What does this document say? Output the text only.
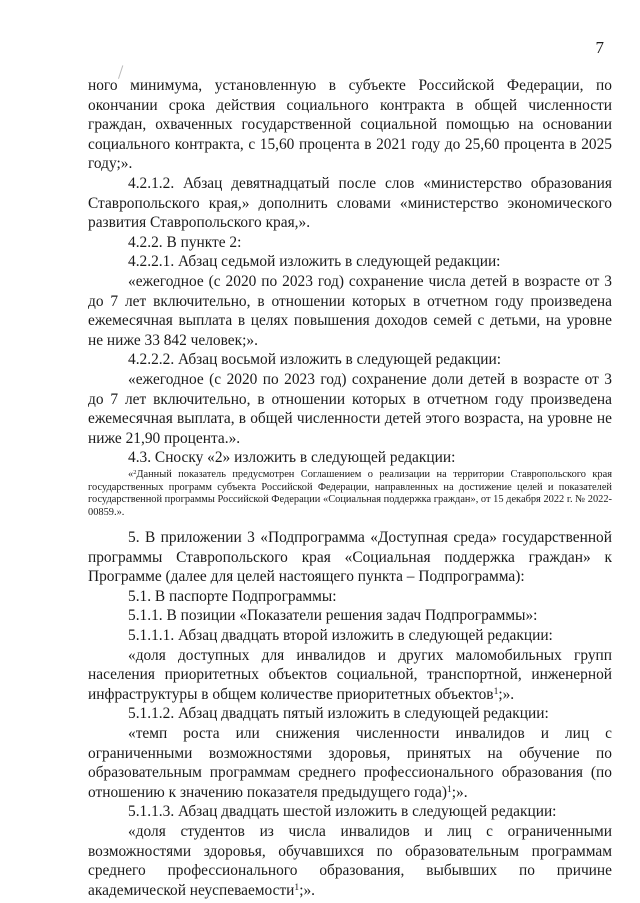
7

ного минимума, установленную в субъекте Российской Федерации, по окончании срока действия социального контракта в общей численности граждан, охваченных государственной социальной помощью на основании социального контракта, с 15,60 процента в 2021 году до 25,60 процента в 2025 году;».

4.2.1.2. Абзац девятнадцатый после слов «министерство образования Ставропольского края,» дополнить словами «министерство экономического развития Ставропольского края,».

4.2.2. В пункте 2:

4.2.2.1. Абзац седьмой изложить в следующей редакции:

«ежегодное (с 2020 по 2023 год) сохранение числа детей в возрасте от 3 до 7 лет включительно, в отношении которых в отчетном году произведена ежемесячная выплата в целях повышения доходов семей с детьми, на уровне не ниже 33 842 человек;».

4.2.2.2. Абзац восьмой изложить в следующей редакции:

«ежегодное (с 2020 по 2023 год) сохранение доли детей в возрасте от 3 до 7 лет включительно, в отношении которых в отчетном году произведена ежемесячная выплата, в общей численности детей этого возраста, на уровне не ниже 21,90 процента.».

4.3. Сноску «2» изложить в следующей редакции:

«$^2$Данный показатель предусмотрен Соглашением о реализации на территории Ставропольского края государственных программ субъекта Российской Федерации, направленных на достижение целей и показателей государственной программы Российской Федерации «Социальная поддержка граждан», от 15 декабря 2022 г. № 2022-00859.».

5. В приложении 3 «Подпрограмма «Доступная среда» государственной программы Ставропольского края «Социальная поддержка граждан» к Программе (далее для целей настоящего пункта – Подпрограмма):

5.1. В паспорте Подпрограммы:

5.1.1. В позиции «Показатели решения задач Подпрограммы»:

5.1.1.1. Абзац двадцать второй изложить в следующей редакции:

«доля доступных для инвалидов и других маломобильных групп населения приоритетных объектов социальной, транспортной, инженерной инфраструктуры в общем количестве приоритетных объектов$^1$;».

5.1.1.2. Абзац двадцать пятый изложить в следующей редакции:

«темп роста или снижения численности инвалидов и лиц с ограниченными возможностями здоровья, принятых на обучение по образовательным программам среднего профессионального образования (по отношению к значению показателя предыдущего года)$^1$;».

5.1.1.3. Абзац двадцать шестой изложить в следующей редакции:

«доля студентов из числа инвалидов и лиц с ограниченными возможностями здоровья, обучавшихся по образовательным программам среднего профессионального образования, выбывших по причине академической неуспеваемости$^1$;».
